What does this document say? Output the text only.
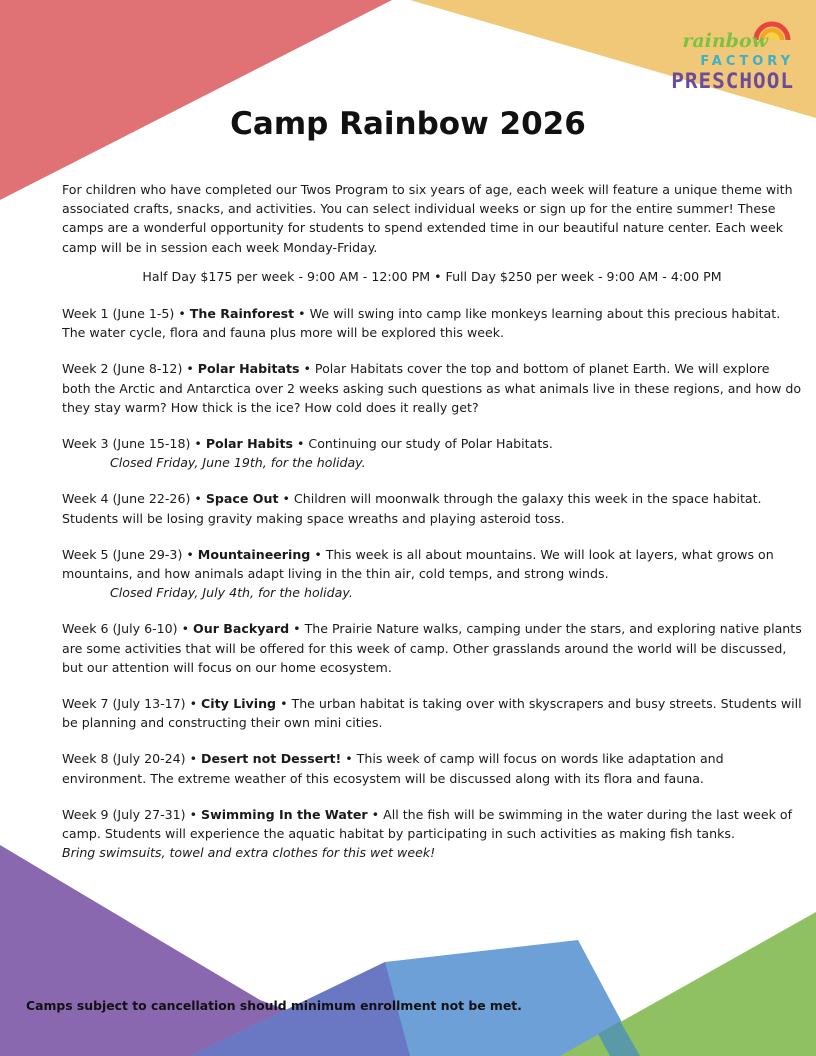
rainbow
FACTORY
PRESCHOOL
Camp Rainbow 2026

For children who have completed our Twos Program to six years of age, each week will feature a unique theme with associated crafts, snacks, and activities. You can select individual weeks or sign up for the entire summer! These camps are a wonderful opportunity for students to spend extended time in our beautiful nature center. Each week camp will be in session each week Monday-Friday.

Half Day $175 per week - 9:00 AM - 12:00 PM • Full Day $250 per week - 9:00 AM - 4:00 PM

Week 1 (June 1-5) • The Rainforest • We will swing into camp like monkeys learning about this precious habitat. The water cycle, flora and fauna plus more will be explored this week.

Week 2 (June 8-12) • Polar Habitats • Polar Habitats cover the top and bottom of planet Earth. We will explore both the Arctic and Antarctica over 2 weeks asking such questions as what animals live in these regions, and how do they stay warm? How thick is the ice? How cold does it really get?

Week 3 (June 15-18) • Polar Habits • Continuing our study of Polar Habitats.
Closed Friday, June 19th, for the holiday.

Week 4 (June 22-26) • Space Out • Children will moonwalk through the galaxy this week in the space habitat. Students will be losing gravity making space wreaths and playing asteroid toss.

Week 5 (June 29-3) • Mountaineering • This week is all about mountains. We will look at layers, what grows on mountains, and how animals adapt living in the thin air, cold temps, and strong winds.
Closed Friday, July 4th, for the holiday.

Week 6 (July 6-10) • Our Backyard • The Prairie Nature walks, camping under the stars, and exploring native plants are some activities that will be offered for this week of camp. Other grasslands around the world will be discussed, but our attention will focus on our home ecosystem.

Week 7 (July 13-17) • City Living • The urban habitat is taking over with skyscrapers and busy streets. Students will be planning and constructing their own mini cities.

Week 8 (July 20-24) • Desert not Dessert! • This week of camp will focus on words like adaptation and environment. The extreme weather of this ecosystem will be discussed along with its flora and fauna.

Week 9 (July 27-31) • Swimming In the Water • All the fish will be swimming in the water during the last week of camp. Students will experience the aquatic habitat by participating in such activities as making fish tanks.
Bring swimsuits, towel and extra clothes for this wet week!

Camps subject to cancellation should minimum enrollment not be met.
